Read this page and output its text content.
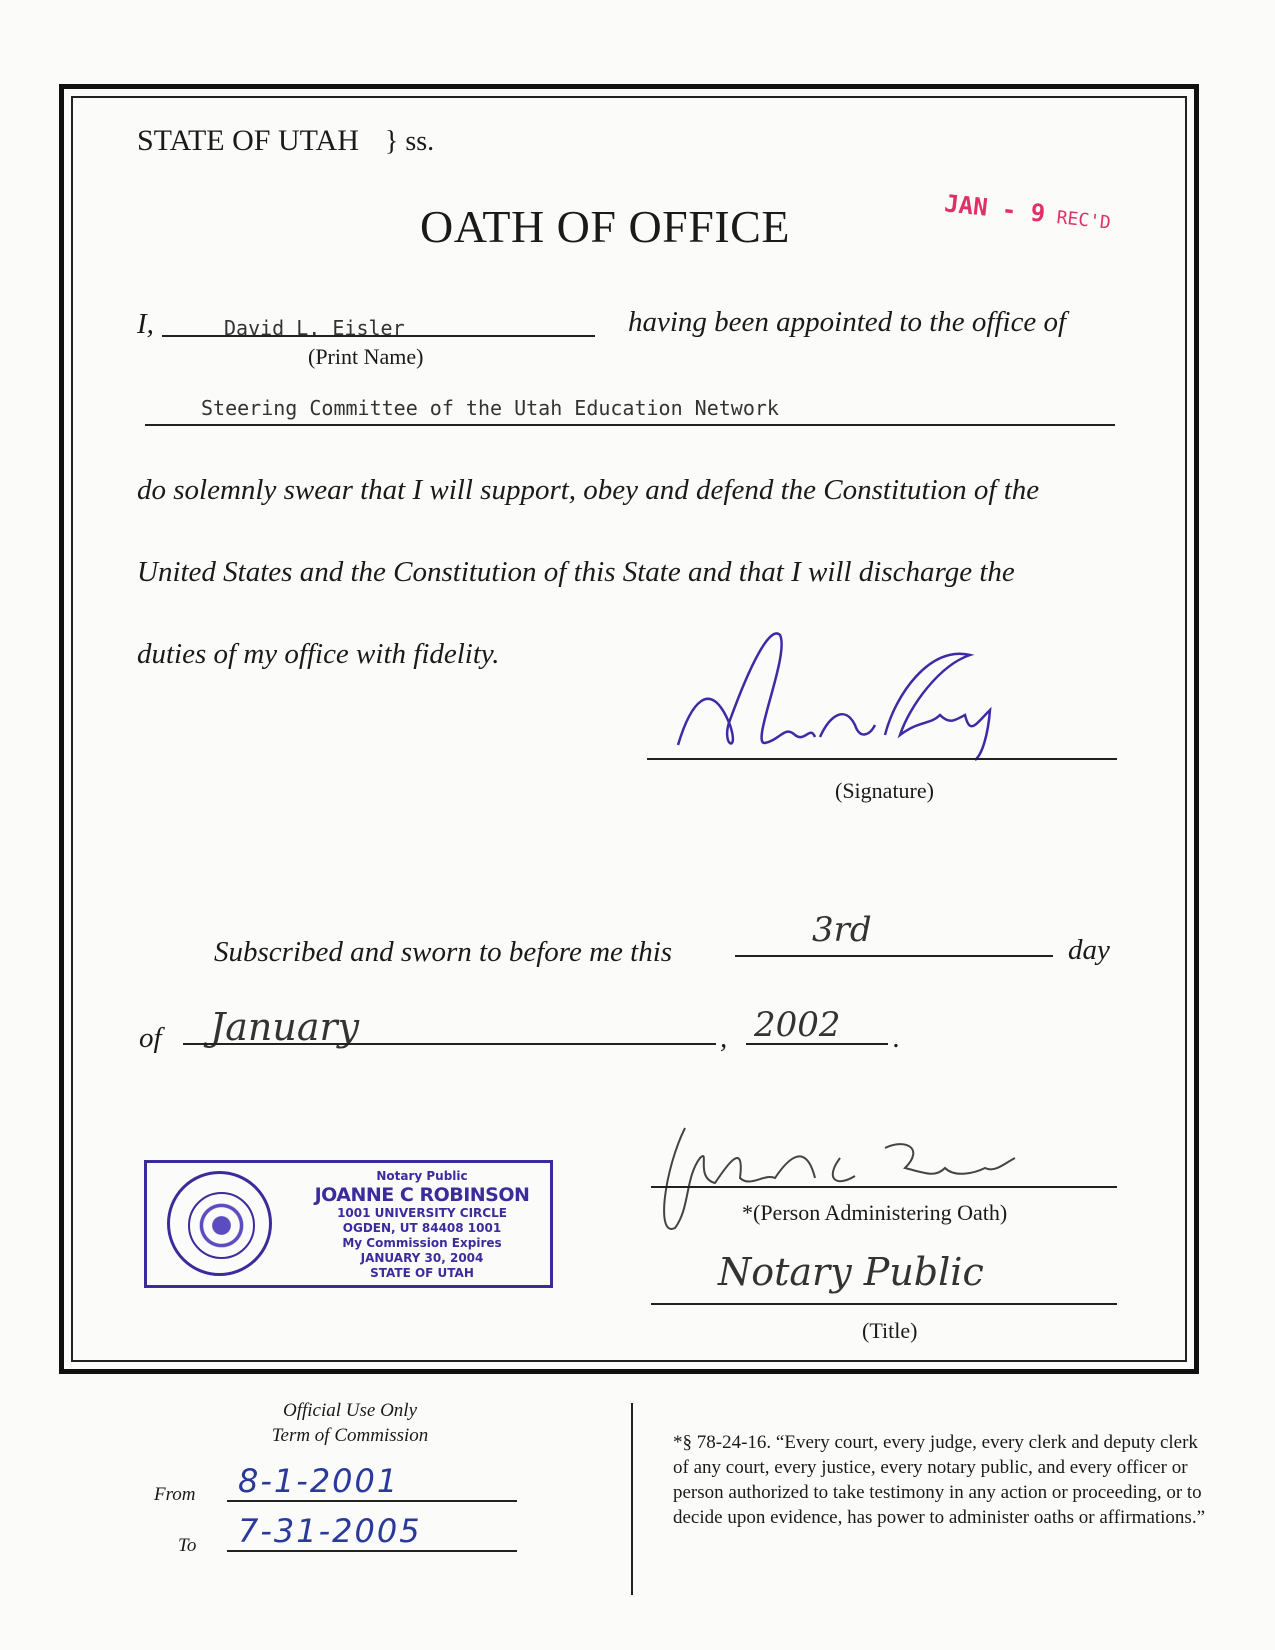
STATE OF UTAH } ss.
OATH OF OFFICE	JAN - 9 REC'D
I,	David L. Eisler
(Print Name)
having been appointed to the office of
Steering Committee of the Utah Education Network
do solemnly swear that I will support, obey and defend the Constitution of the
United States and the Constitution of this State and that I will discharge the
duties of my office with fidelity.
(Signature)
Subscribed and sworn to before me this
3rd	day
of January	, 2002 .
Notary Public
JOANNE C ROBINSON
1001 UNIVERSITY CIRCLE
OGDEN, UT 84408 1001
My Commission Expires
JANUARY 30, 2004
STATE OF UTAH
*(Person Administering Oath)
Notary Public
(Title)
Official Use Only
Term of Commission
From 8-1-2001
To 7-31-2005
*§ 78-24-16. “Every court, every judge, every clerk and deputy clerk of any court, every justice, every notary public, and every officer or person authorized to take testimony in any action or proceeding, or to decide upon evidence, has power to administer oaths or affirmations.”
